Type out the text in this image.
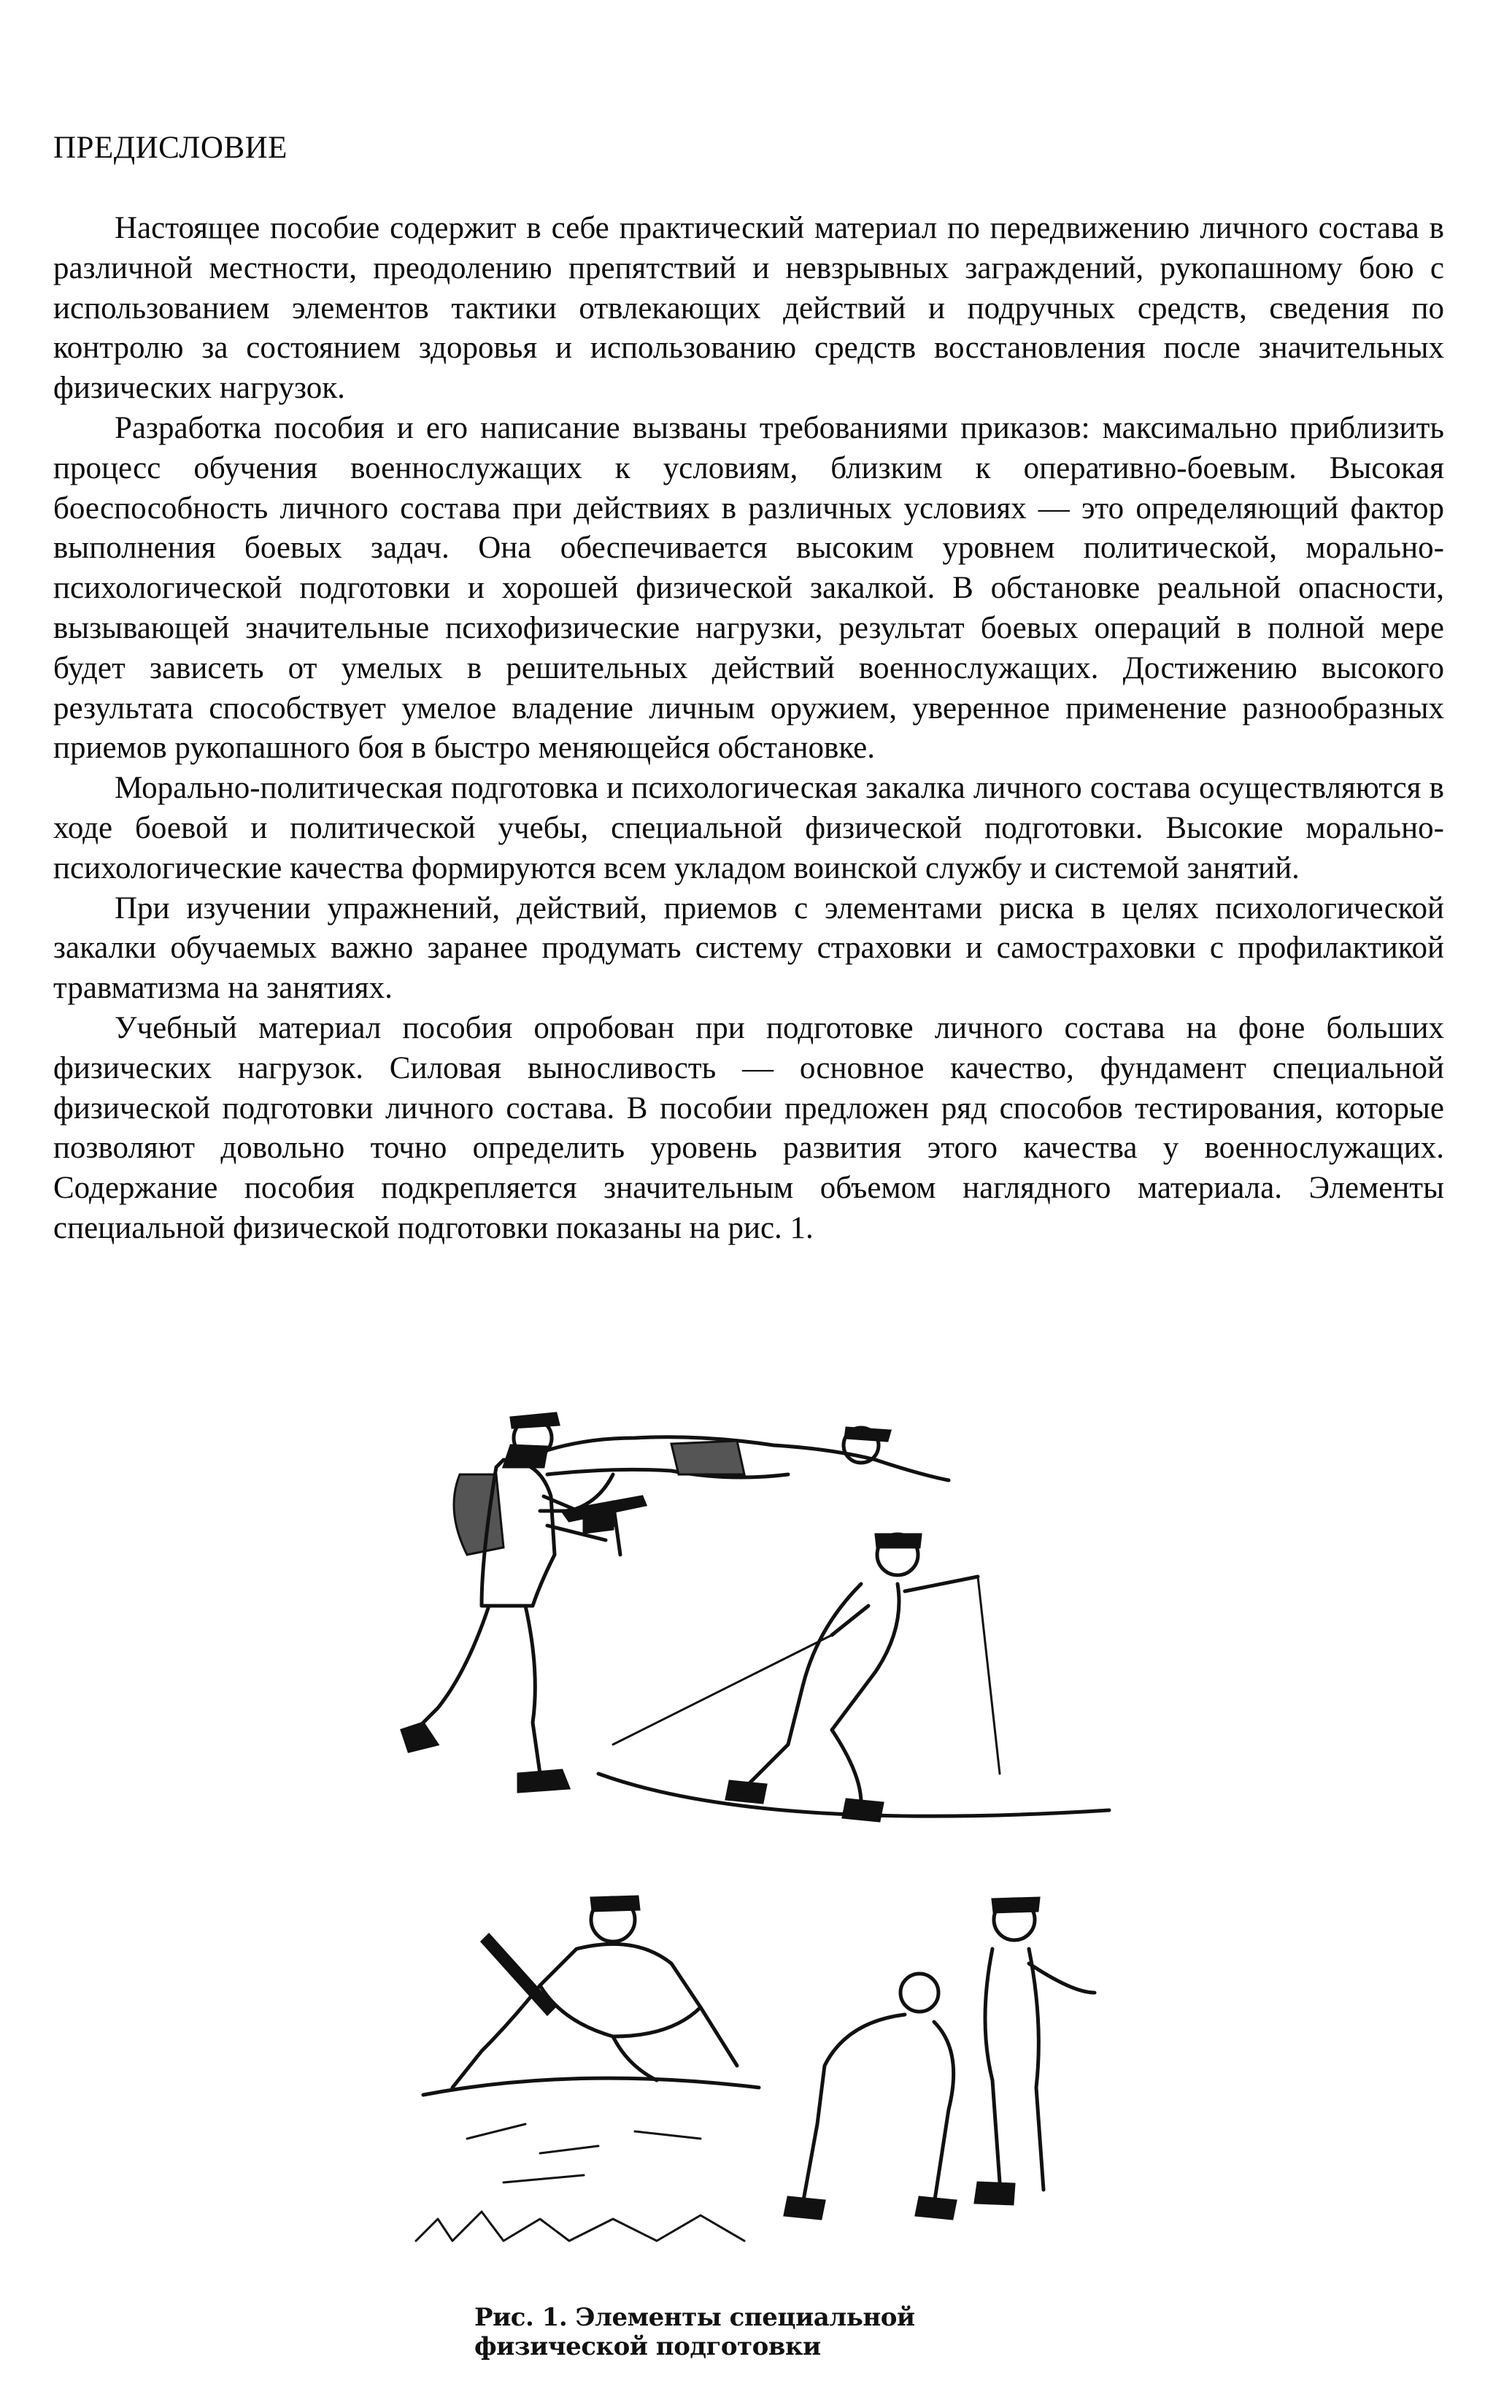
ПРЕДИСЛОВИЕ

Настоящее пособие содержит в себе практический материал по передвижению личного состава в различной местности, преодолению препятствий и невзрывных заграждений, рукопашному бою с использованием элементов тактики отвлекающих действий и подручных средств, сведения по контролю за состоянием здоровья и использованию средств восстановления после значительных физических нагрузок.

Разработка пособия и его написание вызваны требованиями приказов: максимально приблизить процесс обучения военнослужащих к условиям, близким к оперативно-боевым. Высокая боеспособность личного состава при действиях в различных условиях — это определяющий фактор выполнения боевых задач. Она обеспечивается высоким уровнем политической, морально-психологической подготовки и хорошей физической закалкой. В обстановке реальной опасности, вызывающей значительные психофизические нагрузки, результат боевых операций в полной мере будет зависеть от умелых в решительных действий военнослужащих. Достижению высокого результата способствует умелое владение личным оружием, уверенное применение разнообразных приемов рукопашного боя в быстро меняющейся обстановке.

Морально-политическая подготовка и психологическая закалка личного состава осуществляются в ходе боевой и политической учебы, специальной физической подготовки. Высокие морально-психологические качества формируются всем укладом воинской службу и системой занятий.

При изучении упражнений, действий, приемов с элементами риска в целях психологической закалки обучаемых важно заранее продумать систему страховки и самостраховки с профилактикой травматизма на занятиях.

Учебный материал пособия опробован при подготовке личного состава на фоне больших физических нагрузок. Силовая выносливость — основное качество, фундамент специальной физической подготовки личного состава. В пособии предложен ряд способов тестирования, которые позволяют довольно точно определить уровень развития этого качества у военнослужащих. Содержание пособия подкрепляется значительным объемом наглядного материала. Элементы специальной физической подготовки показаны на рис. 1.

Рис. 1. Элементы специальной физической подготовки
